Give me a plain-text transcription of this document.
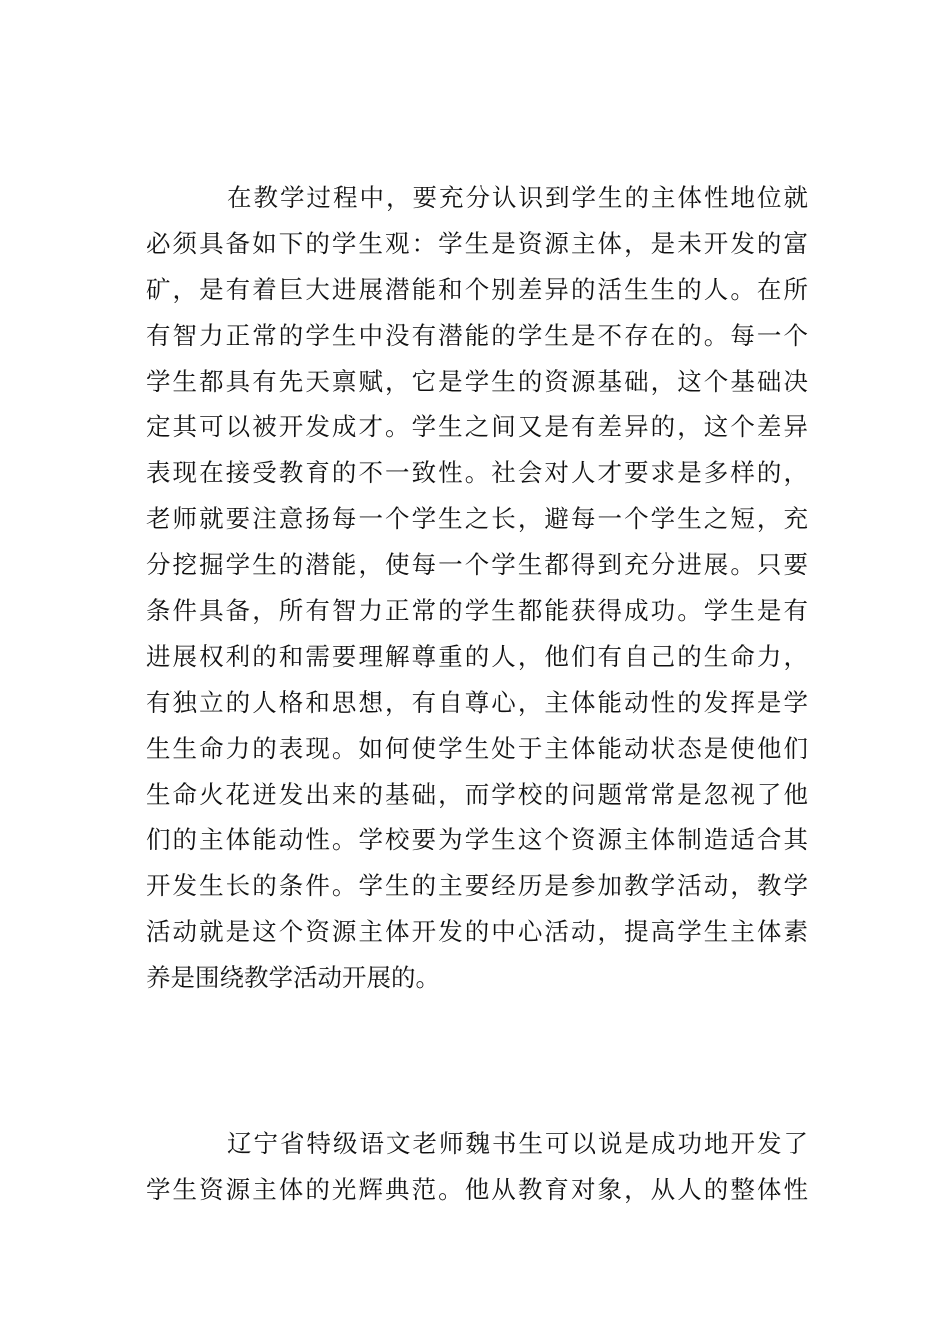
在教学过程中，要充分认识到学生的主体性地位就
必须具备如下的学生观：学生是资源主体，是未开发的富
矿，是有着巨大进展潜能和个别差异的活生生的人。在所
有智力正常的学生中没有潜能的学生是不存在的。每一个
学生都具有先天禀赋，它是学生的资源基础，这个基础决
定其可以被开发成才。学生之间又是有差异的，这个差异
表现在接受教育的不一致性。社会对人才要求是多样的，
老师就要注意扬每一个学生之长，避每一个学生之短，充
分挖掘学生的潜能，使每一个学生都得到充分进展。只要
条件具备，所有智力正常的学生都能获得成功。学生是有
进展权利的和需要理解尊重的人，他们有自己的生命力，
有独立的人格和思想，有自尊心，主体能动性的发挥是学
生生命力的表现。如何使学生处于主体能动状态是使他们
生命火花迸发出来的基础，而学校的问题常常是忽视了他
们的主体能动性。学校要为学生这个资源主体制造适合其
开发生长的条件。学生的主要经历是参加教学活动，教学
活动就是这个资源主体开发的中心活动，提高学生主体素
养是围绕教学活动开展的。
辽宁省特级语文老师魏书生可以说是成功地开发了
学生资源主体的光辉典范。他从教育对象，从人的整体性
